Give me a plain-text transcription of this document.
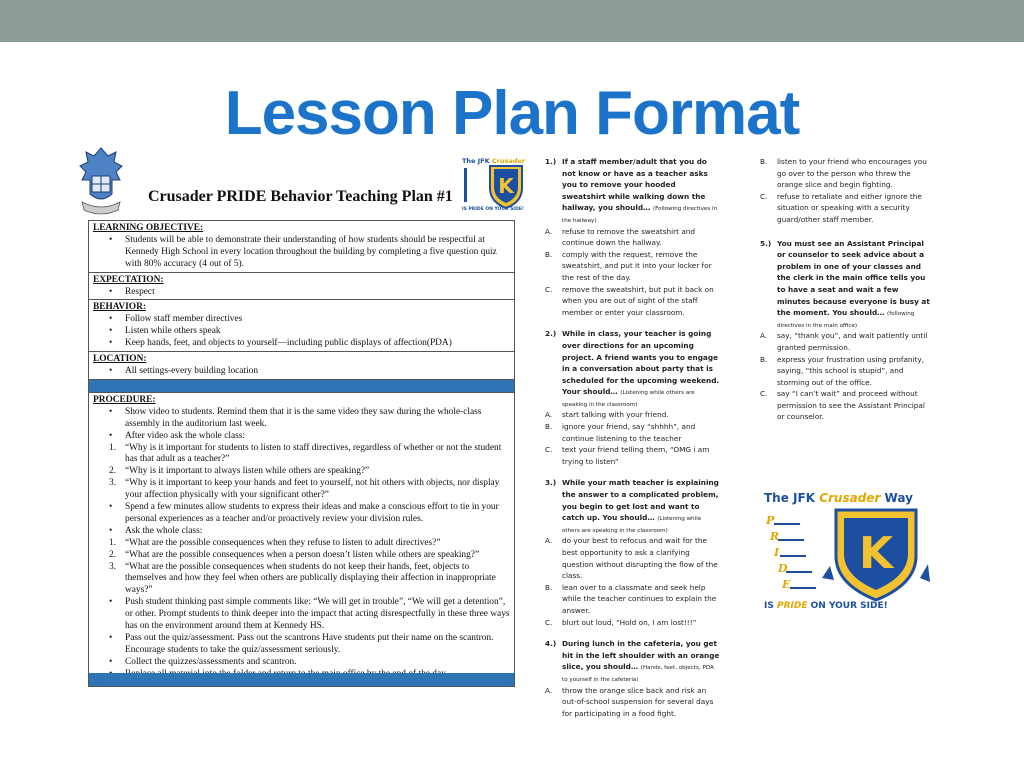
Lesson Plan Format
Crusader PRIDE Behavior Teaching Plan #1
The JFK Crusader
K
IS PRIDE ON YOUR SIDE!
LEARNING OBJECTIVE:
•	Students will be able to demonstrate their understanding of how students should be respectful at Kennedy High School in every location throughout the building by completing a five question quiz with 80% accuracy (4 out of 5).
EXPECTATION:
•	Respect
BEHAVIOR:
•	Follow staff member directives
•	Listen while others speak
•	Keep hands, feet, and objects to yourself—including public displays of affection(PDA)
LOCATION:
•	All settings-every building location
PROCEDURE:
•	Show video to students. Remind them that it is the same video they saw during the whole-class assembly in the auditorium last week.
•	After video ask the whole class:
1. “Why is it important for students to listen to staff directives, regardless of whether or not the student has that adult as a teacher?”
2. “Why is it important to always listen while others are speaking?”
3. “Why is it important to keep your hands and feet to yourself, not hit others with objects, nor display your affection physically with your significant other?”
•	Spend a few minutes allow students to express their ideas and make a conscious effort to tie in your personal experiences as a teacher and/or proactively review your division rules.
•	Ask the whole class:
1. “What are the possible consequences when they refuse to listen to adult directives?”
2. “What are the possible consequences when a person doesn’t listen while others are speaking?”
3. “What are the possible consequences when students do not keep their hands, feet, objects to themselves and how they feel when others are publically displaying their affection in inappropriate ways?”
•	Push student thinking past simple comments like: “We will get in trouble”, “We will get a detention”, or other. Prompt students to think deeper into the impact that acting disrespectfully in these three ways has on the environment around them at Kennedy HS.
•	Pass out the quiz/assessment. Pass out the scantrons Have students put their name on the scantron. Encourage students to take the quiz/assessment seriously.
•	Collect the quizzes/assessments and scantron.
1.) If a staff member/adult that you do not know or have as a teacher asks you to remove your hooded sweatshirt while walking down the hallway, you should… (Following directives in the hallway)
A. refuse to remove the sweatshirt and continue down the hallway.
B. comply with the request, remove the sweatshirt, and put it into your locker for the rest of the day.
C. remove the sweatshirt, but put it back on when you are out of sight of the staff member or enter your classroom.
2.) While in class, your teacher is going over directions for an upcoming project. A friend wants you to engage in a conversation about party that is scheduled for the upcoming weekend. Your should… (Listening while others are speaking in the classroom)
A. start talking with your friend.
B. ignore your friend, say “shhhh”, and continue listening to the teacher
C. text your friend telling them, “OMG i am trying to listen”
3.) While your math teacher is explaining the answer to a complicated problem, you begin to get lost and want to catch up. You should… (Listening while others are speaking in the classroom)
A. do your best to refocus and wait for the best opportunity to ask a clarifying question without disrupting the flow of the class.
B. lean over to a classmate and seek help while the teacher continues to explain the answer.
C. blurt out loud, “Hold on, I am lost!!!”
4.) During lunch in the cafeteria, you get hit in the left shoulder with an orange slice, you should… (Hands, feet, objects, PDA to yourself in the cafeteria)
A. throw the orange slice back and risk an out-of-school suspension for several days for participating in a food fight.
B. listen to your friend who encourages you go over to the person who threw the orange slice and begin fighting.
C. refuse to retaliate and either ignore the situation or speaking with a security guard/other staff member.
5.) You must see an Assistant Principal or counselor to seek advice about a problem in one of your classes and the clerk in the main office tells you to have a seat and wait a few minutes because everyone is busy at the moment. You should… (following directives in the main office)
A. say, “thank you”, and wait patiently until granted permission.
B. express your frustration using profanity, saying, “this school is stupid”, and storming out of the office.
C. say “I can’t wait” and proceed without permission to see the Assistant Principal or counselor.
The JFK Crusader Way
P
R
I
D
E
K
IS PRIDE ON YOUR SIDE!
